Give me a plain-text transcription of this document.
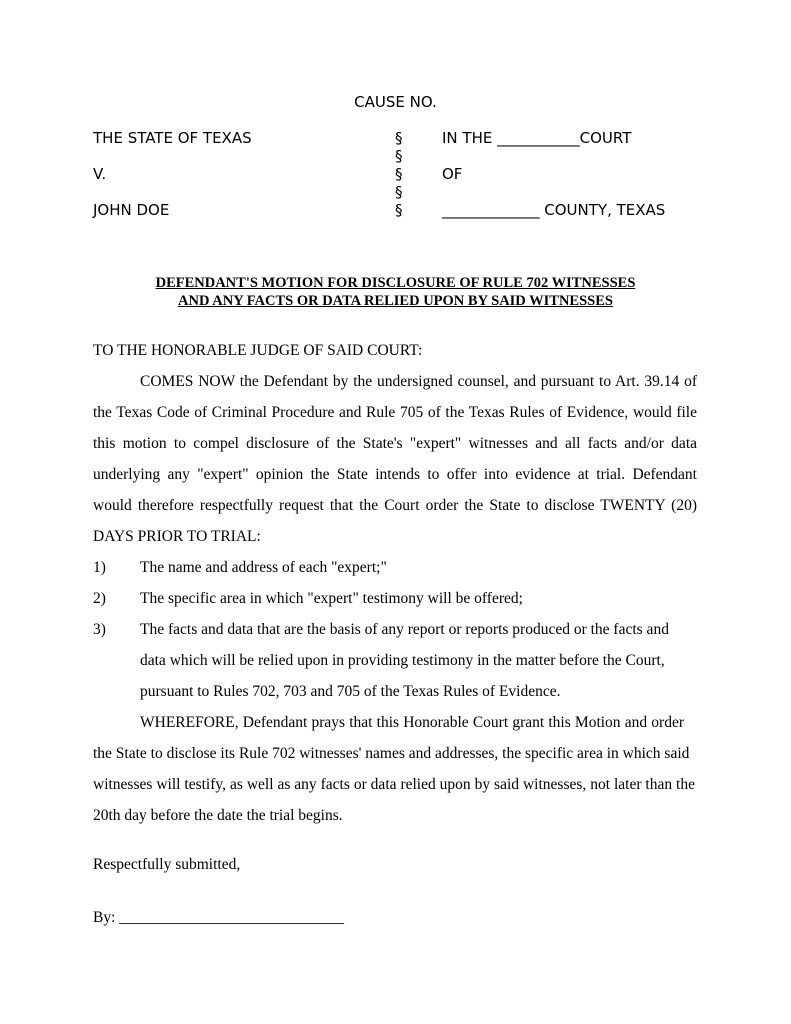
CAUSE NO.
THE STATE OF TEXAS
V.
JOHN DOE
§
§
§
§
§
IN THE ___________COURT
OF
_____________ COUNTY, TEXAS
DEFENDANT'S MOTION FOR DISCLOSURE OF RULE 702 WITNESSES
AND ANY FACTS OR DATA RELIED UPON BY SAID WITNESSES
TO THE HONORABLE JUDGE OF SAID COURT:
COMES NOW the Defendant by the undersigned counsel, and pursuant to Art. 39.14 of
the Texas Code of Criminal Procedure and Rule 705 of the Texas Rules of Evidence, would file
this motion to compel disclosure of the State's "expert" witnesses and all facts and/or data
underlying any "expert" opinion the State intends to offer into evidence at trial. Defendant
would therefore respectfully request that the Court order the State to disclose TWENTY (20)
DAYS PRIOR TO TRIAL:
1) The name and address of each "expert;"
2) The specific area in which "expert" testimony will be offered;
3) The facts and data that are the basis of any report or reports produced or the facts and
data which will be relied upon in providing testimony in the matter before the Court,
pursuant to Rules 702, 703 and 705 of the Texas Rules of Evidence.
WHEREFORE, Defendant prays that this Honorable Court grant this Motion and order
the State to disclose its Rule 702 witnesses' names and addresses, the specific area in which said
witnesses will testify, as well as any facts or data relied upon by said witnesses, not later than the
20th day before the date the trial begins.
Respectfully submitted,
By: _____________________________
